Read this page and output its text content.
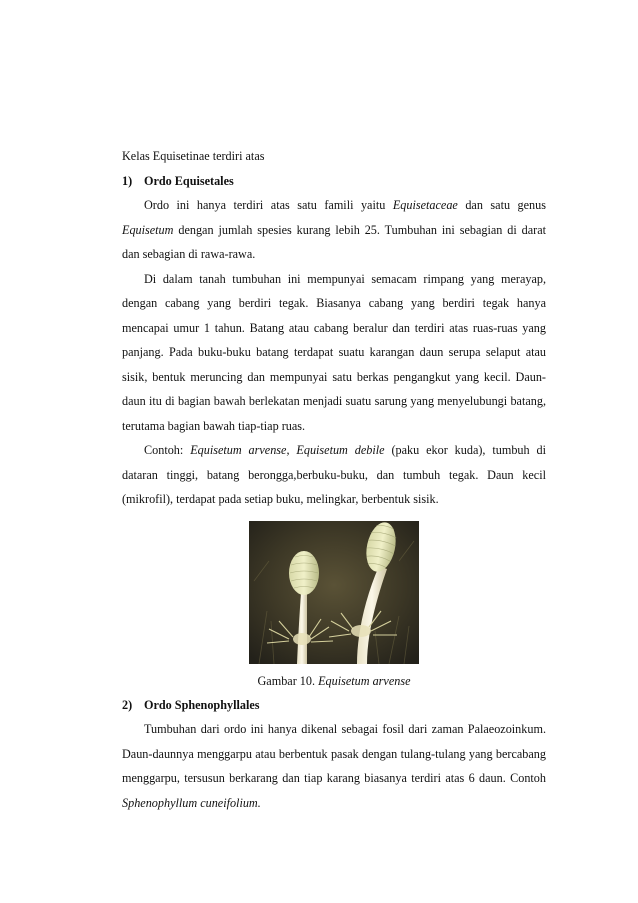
Kelas Equisetinae terdiri atas

1) Ordo Equisetales

Ordo ini hanya terdiri atas satu famili yaitu Equisetaceae dan satu genus Equisetum dengan jumlah spesies kurang lebih 25. Tumbuhan ini sebagian di darat dan sebagian di rawa-rawa.

Di dalam tanah tumbuhan ini mempunyai semacam rimpang yang merayap, dengan cabang yang berdiri tegak. Biasanya cabang yang berdiri tegak hanya mencapai umur 1 tahun. Batang atau cabang beralur dan terdiri atas ruas-ruas yang panjang. Pada buku-buku batang terdapat suatu karangan daun serupa selaput atau sisik, bentuk meruncing dan mempunyai satu berkas pengangkut yang kecil. Daun-daun itu di bagian bawah berlekatan menjadi suatu sarung yang menyelubungi batang, terutama bagian bawah tiap-tiap ruas.

Contoh: Equisetum arvense, Equisetum debile (paku ekor kuda), tumbuh di dataran tinggi, batang berongga,berbuku-buku, dan tumbuh tegak. Daun kecil (mikrofil), terdapat pada setiap buku, melingkar, berbentuk sisik.

Gambar 10. Equisetum arvense

2) Ordo Sphenophyllales

Tumbuhan dari ordo ini hanya dikenal sebagai fosil dari zaman Palaeozoinkum. Daun-daunnya menggarpu atau berbentuk pasak dengan tulang-tulang yang bercabang menggarpu, tersusun berkarang dan tiap karang biasanya terdiri atas 6 daun. Contoh Sphenophyllum cuneifolium.
